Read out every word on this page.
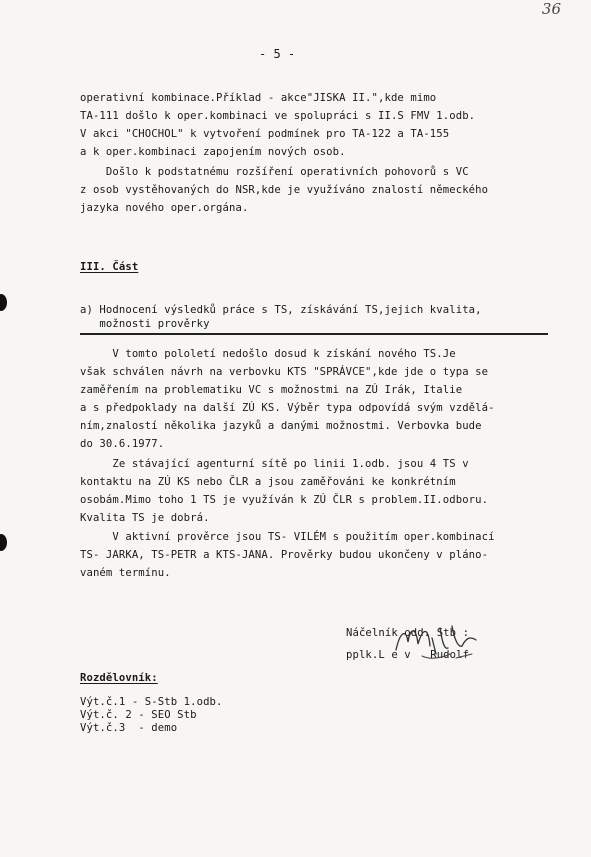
36
- 5 -
operativní kombinace.Příklad - akce"JISKA II.",kde mimo
TA-111 došlo k oper.kombinaci ve spolupráci s II.S FMV 1.odb.
V akci "CHOCHOL" k vytvoření podmínek pro TA-122 a TA-155
a k oper.kombinaci zapojením nových osob.
Došlo k podstatnému rozšíření operativních pohovorů s VC
z osob vystěhovaných do NSR,kde je využíváno znalostí německého
jazyka nového oper.orgána.
III. Část
a) Hodnocení výsledků práce s TS, získávání TS,jejich kvalita,
možnosti prověrky
V tomto pololetí nedošlo dosud k získání nového TS.Je
však schválen návrh na verbovku KTS "SPRÁVCE",kde jde o typa se
zaměřením na problematiku VC s možnostmi na ZÚ Irák, Italie
a s předpoklady na další ZÚ KS. Výběr typa odpovídá svým vzdělá-
ním,znalostí několika jazyků a danými možnostmi. Verbovka bude
do 30.6.1977.
Ze stávající agenturní sítě po linii 1.odb. jsou 4 TS v
kontaktu na ZÚ KS nebo ČLR a jsou zaměřováni ke konkrétním
osobám.Mimo toho 1 TS je využíván k ZÚ ČLR s problem.II.odboru.
Kvalita TS je dobrá.
V aktivní prověrce jsou TS- VILÉM s použitím oper.kombinací
TS- JARKA, TS-PETR a KTS-JANA. Prověrky budou ukončeny v pláno-
vaném termínu.
Náčelník odd. Stb :
pplk.L e v   Rudolf
Rozdělovník:
Výt.č.1 - S-Stb 1.odb.
Výt.č. 2 - SEO Stb
Výt.č.3  - demo
